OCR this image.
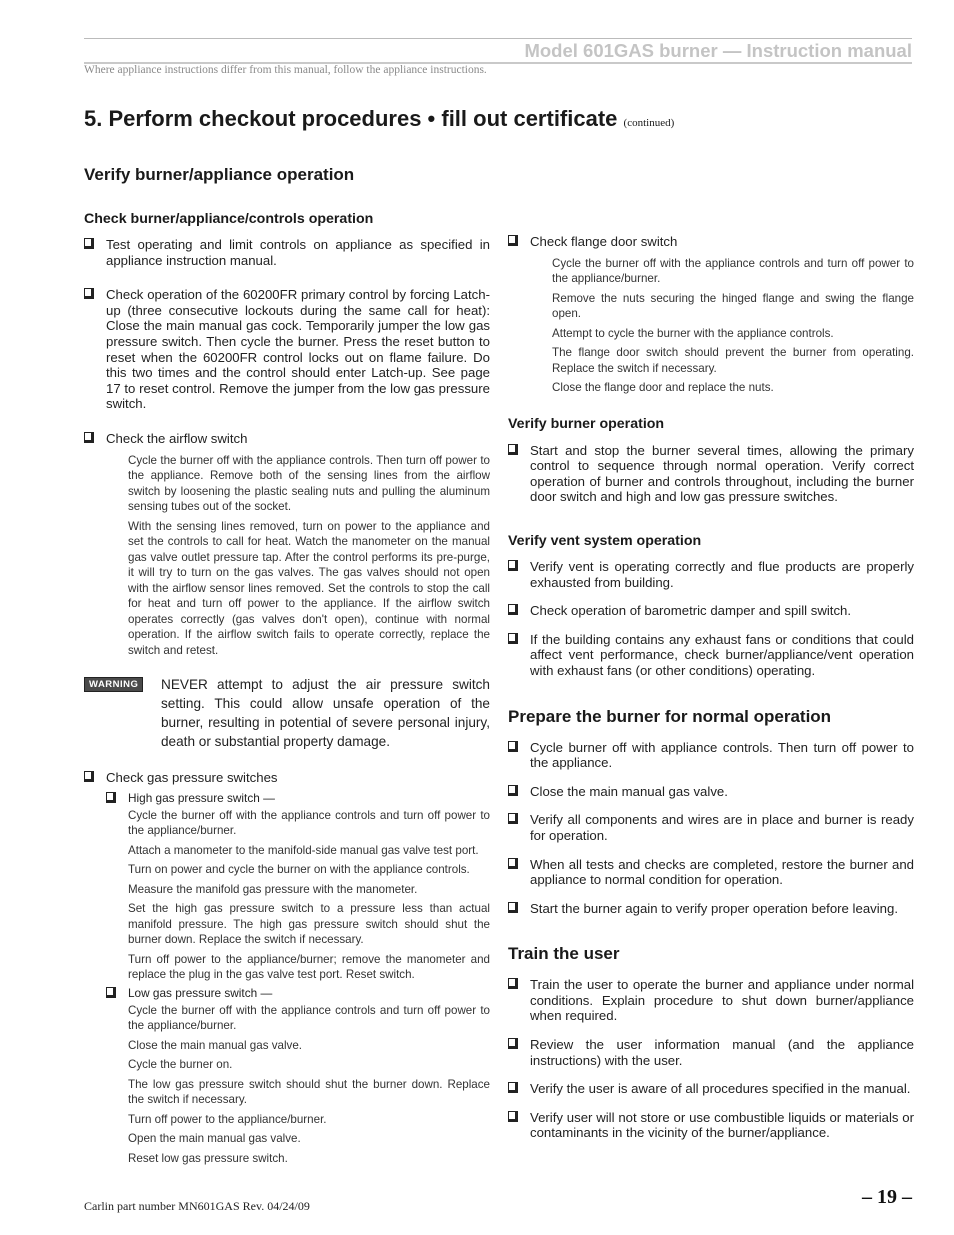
Model 601GAS burner — Instruction manual
Where appliance instructions differ from this manual, follow the appliance instructions.
5. Perform checkout procedures • fill out certificate (continued)
Verify burner/appliance operation
Check burner/appliance/controls operation
Test operating and limit controls on appliance as specified in appliance instruction manual.
Check operation of the 60200FR primary control by forcing Latch-up (three consecutive lockouts during the same call for heat): Close the main manual gas cock. Temporarily jumper the low gas pressure switch. Then cycle the burner. Press the reset button to reset when the 60200FR control locks out on flame failure. Do this two times and the control should enter Latch-up. See page 17 to reset control. Remove the jumper from the low gas pressure switch.
Check the airflow switch
Cycle the burner off with the appliance controls. Then turn off power to the appliance. Remove both of the sensing lines from the airflow switch by loosening the plastic sealing nuts and pulling the aluminum sensing tubes out of the socket.
With the sensing lines removed, turn on power to the appliance and set the controls to call for heat. Watch the manometer on the manual gas valve outlet pressure tap. After the control performs its pre-purge, it will try to turn on the gas valves. The gas valves should not open with the airflow sensor lines removed. Set the controls to stop the call for heat and turn off power to the appliance. If the airflow switch operates correctly (gas valves don't open), continue with normal operation. If the airflow switch fails to operate correctly, replace the switch and retest.
WARNING	NEVER attempt to adjust the air pressure switch setting. This could allow unsafe operation of the burner, resulting in potential of severe personal injury, death or substantial property damage.
Check gas pressure switches
High gas pressure switch —
Cycle the burner off with the appliance controls and turn off power to the appliance/burner.
Attach a manometer to the manifold-side manual gas valve test port.
Turn on power and cycle the burner on with the appliance controls.
Measure the manifold gas pressure with the manometer.
Set the high gas pressure switch to a pressure less than actual manifold pressure. The high gas pressure switch should shut the burner down. Replace the switch if necessary.
Turn off power to the appliance/burner; remove the manometer and replace the plug in the gas valve test port. Reset switch.
Low gas pressure switch —
Cycle the burner off with the appliance controls and turn off power to the appliance/burner.
Close the main manual gas valve.
Cycle the burner on.
The low gas pressure switch should shut the burner down. Replace the switch if necessary.
Turn off power to the appliance/burner.
Open the main manual gas valve.
Reset low gas pressure switch.
Check flange door switch
Cycle the burner off with the appliance controls and turn off power to the appliance/burner.
Remove the nuts securing the hinged flange and swing the flange open.
Attempt to cycle the burner with the appliance controls.
The flange door switch should prevent the burner from operating. Replace the switch if necessary.
Close the flange door and replace the nuts.
Verify burner operation
Start and stop the burner several times, allowing the primary control to sequence through normal operation. Verify correct operation of burner and controls throughout, including the burner door switch and high and low gas pressure switches.
Verify vent system operation
Verify vent is operating correctly and flue products are properly exhausted from building.
Check operation of barometric damper and spill switch.
If the building contains any exhaust fans or conditions that could affect vent performance, check burner/appliance/vent operation with exhaust fans (or other conditions) operating.
Prepare the burner for normal operation
Cycle burner off with appliance controls. Then turn off power to the appliance.
Close the main manual gas valve.
Verify all components and wires are in place and burner is ready for operation.
When all tests and checks are completed, restore the burner and appliance to normal condition for operation.
Start the burner again to verify proper operation before leaving.
Train the user
Train the user to operate the burner and appliance under normal conditions. Explain procedure to shut down burner/appliance when required.
Review the user information manual (and the appliance instructions) with the user.
Verify the user is aware of all procedures specified in the manual.
Verify user will not store or use combustible liquids or materials or contaminants in the vicinity of the burner/appliance.
Carlin part number MN601GAS Rev. 04/24/09	– 19 –
